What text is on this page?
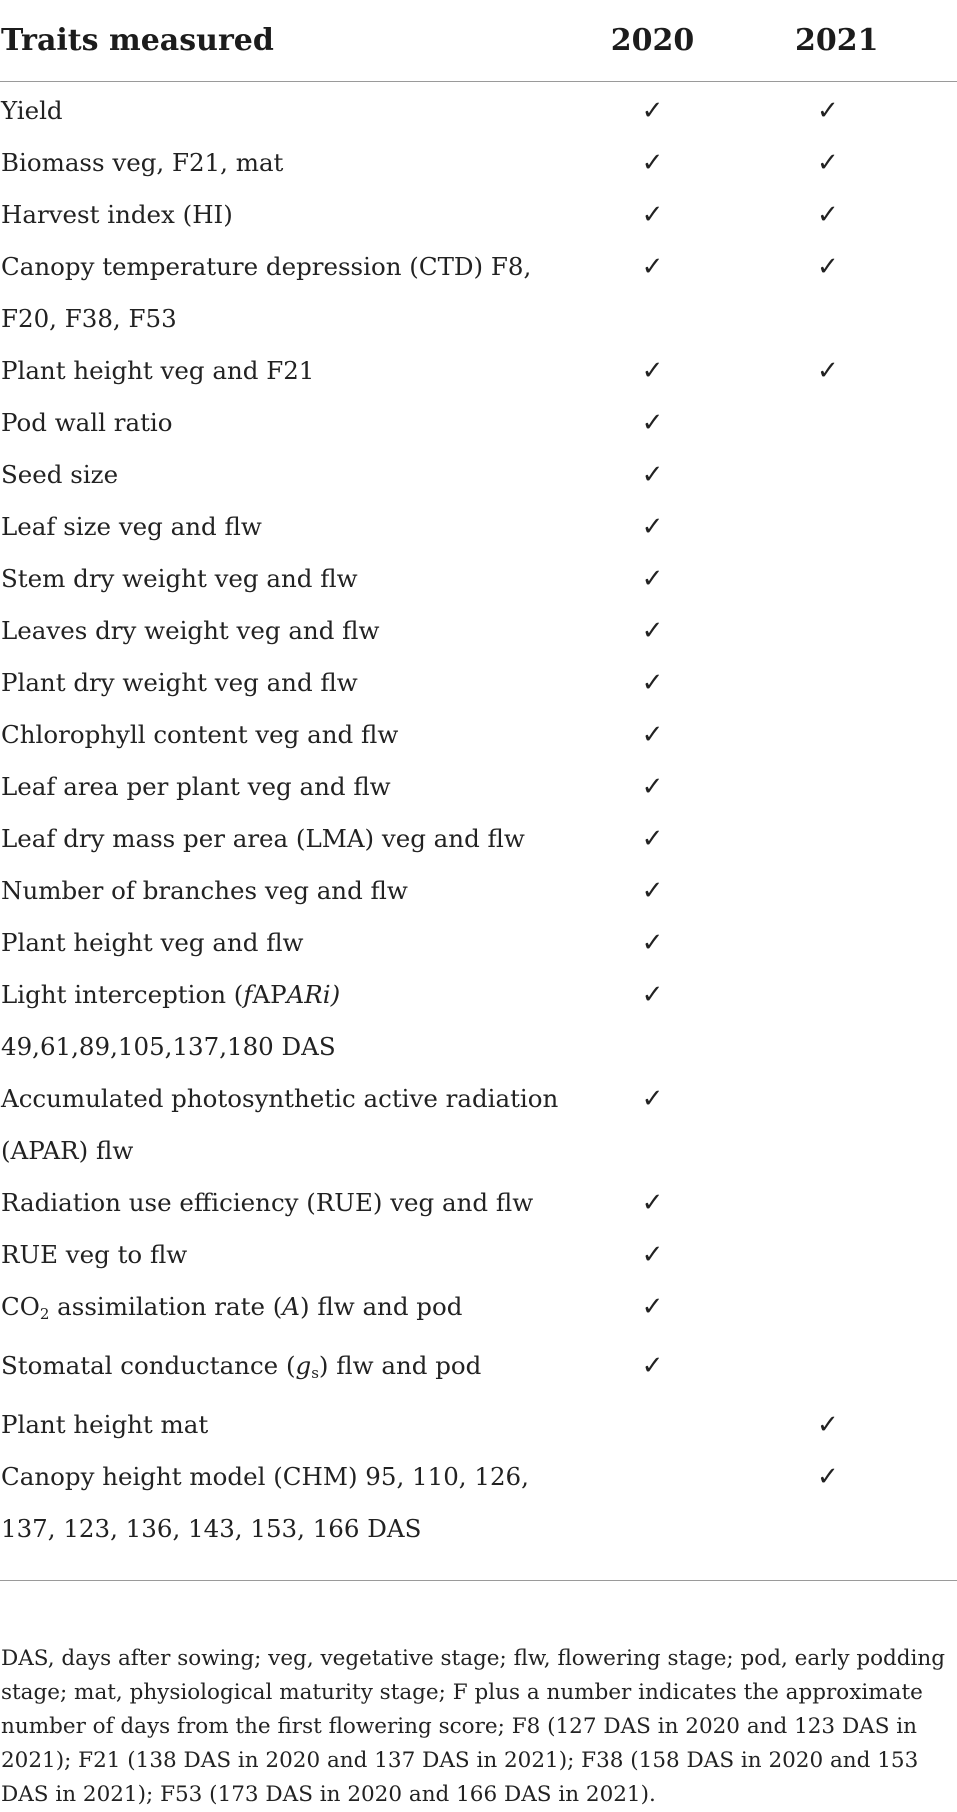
Traits measured	2020	2021
Yield	✓	✓
Biomass veg, F21, mat	✓	✓
Harvest index (HI)	✓	✓
Canopy temperature depression (CTD) F8, F20, F38, F53	✓	✓
Plant height veg and F21	✓	✓
Pod wall ratio	✓	
Seed size	✓	
Leaf size veg and flw	✓	
Stem dry weight veg and flw	✓	
Leaves dry weight veg and flw	✓	
Plant dry weight veg and flw	✓	
Chlorophyll content veg and flw	✓	
Leaf area per plant veg and flw	✓	
Leaf dry mass per area (LMA) veg and flw	✓	
Number of branches veg and flw	✓	
Plant height veg and flw	✓	
Light interception (fAPARi) 49,61,89,105,137,180 DAS	✓	
Accumulated photosynthetic active radiation (APAR) flw	✓	
Radiation use efficiency (RUE) veg and flw	✓	
RUE veg to flw	✓	
$CO_2$ assimilation rate (A) flw and pod	✓	
Stomatal conductance $(g_s)$ flw and pod	✓	
Plant height mat		✓
Canopy height model (CHM) 95, 110, 126, 137, 123, 136, 143, 153, 166 DAS		✓

DAS, days after sowing; veg, vegetative stage; flw, flowering stage; pod, early podding stage; mat, physiological maturity stage; F plus a number indicates the approximate number of days from the first flowering score; F8 (127 DAS in 2020 and 123 DAS in 2021); F21 (138 DAS in 2020 and 137 DAS in 2021); F38 (158 DAS in 2020 and 153 DAS in 2021); F53 (173 DAS in 2020 and 166 DAS in 2021).
